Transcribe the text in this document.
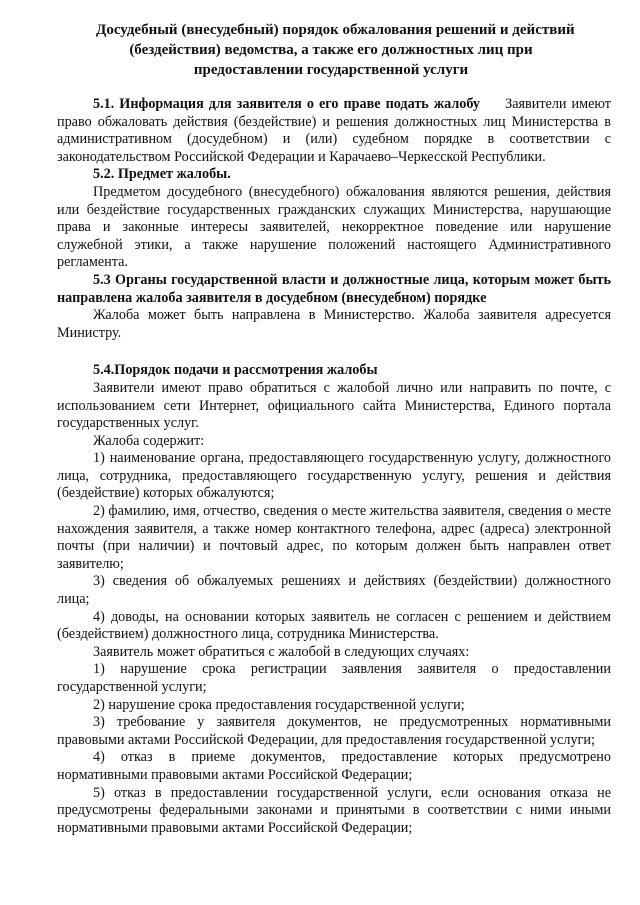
Досудебный (внесудебный) порядок обжалования решений и действий
(бездействия) ведомства, а также его должностных лиц при
предоставлении государственной услуги

5.1. Информация для заявителя о его праве подать жалобу Заявители имеют право обжаловать действия (бездействие) и решения должностных лиц Министерства в административном (досудебном) и (или) судебном порядке в соответствии с законодательством Российской Федерации и Карачаево–Черкесской Республики.

5.2. Предмет жалобы.

Предметом досудебного (внесудебного) обжалования являются решения, действия или бездействие государственных гражданских служащих Министерства, нарушающие права и законные интересы заявителей, некорректное поведение или нарушение служебной этики, а также нарушение положений настоящего Административного регламента.

5.3 Органы государственной власти и должностные лица, которым может быть направлена жалоба заявителя в досудебном (внесудебном) порядке

Жалоба может быть направлена в Министерство. Жалоба заявителя адресуется Министру.

5.4.Порядок подачи и рассмотрения жалобы

Заявители имеют право обратиться с жалобой лично или направить по почте, с использованием сети Интернет, официального сайта Министерства, Единого портала государственных услуг.

Жалоба содержит:

1) наименование органа, предоставляющего государственную услугу, должностного лица, сотрудника, предоставляющего государственную услугу, решения и действия (бездействие) которых обжалуются;

2) фамилию, имя, отчество, сведения о месте жительства заявителя, сведения о месте нахождения заявителя, а также номер контактного телефона, адрес (адреса) электронной почты (при наличии) и почтовый адрес, по которым должен быть направлен ответ заявителю;

3) сведения об обжалуемых решениях и действиях (бездействии) должностного лица;

4) доводы, на основании которых заявитель не согласен с решением и действием (бездействием) должностного лица, сотрудника Министерства.

Заявитель может обратиться с жалобой в следующих случаях:

1) нарушение срока регистрации заявления заявителя о предоставлении государственной услуги;

2) нарушение срока предоставления государственной услуги;

3) требование у заявителя документов, не предусмотренных нормативными правовыми актами Российской Федерации, для предоставления государственной услуги;

4) отказ в приеме документов, предоставление которых предусмотрено нормативными правовыми актами Российской Федерации;

5) отказ в предоставлении государственной услуги, если основания отказа не предусмотрены федеральными законами и принятыми в соответствии с ними иными нормативными правовыми актами Российской Федерации;
